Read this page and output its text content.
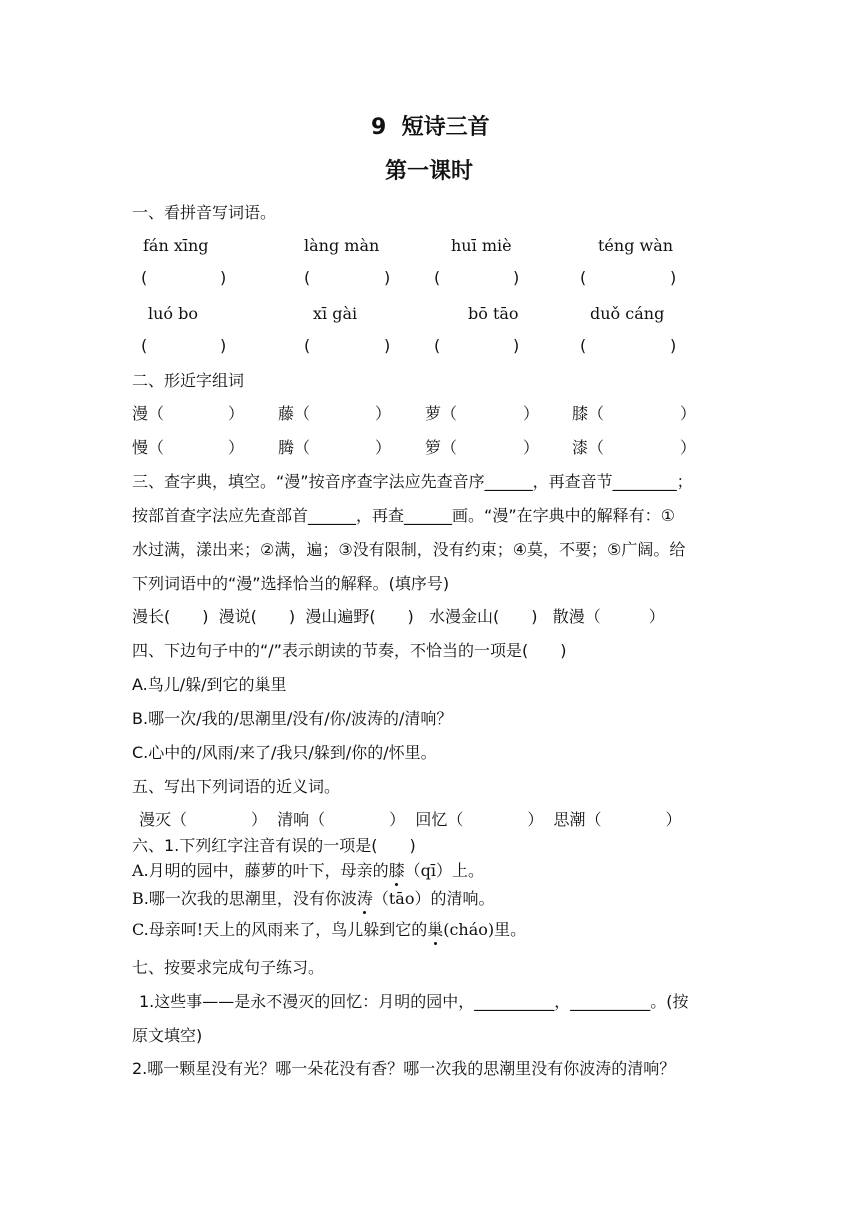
9  短诗三首
第一课时
一、看拼音写词语。
fán xīng	làng màn	huī miè	téng wàn
(	)	(	)	(	)	(	)
luó bo	xī gài	bō tāo	duǒ cáng
(	)	(	)	(	)	(	)
二、形近字组词
漫（	） 藤（	） 萝（	） 膝（	）
慢（	） 腾（	） 箩（	） 漆（	）
三、查字典，填空。“漫”按音序查字法应先查音序______，再查音节________；
按部首查字法应先查部首______，再查______画。“漫”在字典中的解释有：①
水过满，漾出来；②满，遍；③没有限制，没有约束；④莫，不要；⑤广阔。给
下列词语中的“漫”选择恰当的解释。(填序号)
漫长(　　)  漫说(　　)  漫山遍野(　　)   水漫金山(　　)   散漫（　　　）
四、下边句子中的“/”表示朗读的节奏，不恰当的一项是(　　)
A.鸟儿/躲/到它的巢里
B.哪一次/我的/思潮里/没有/你/波涛的/清响？
C.心中的/风雨/来了/我只/躲到/你的/怀里。
五、写出下列词语的近义词。
漫灭（　　　　）  清响（　　　　）  回忆（　　　　）  思潮（　　　　）
六、1.下列红字注音有误的一项是(　　)
A.月明的园中，藤萝的叶下，母亲的膝（qī）上。
B.哪一次我的思潮里，没有你波涛（tāo）的清响。
C.母亲呵!天上的风雨来了，鸟儿躲到它的巢(cháo)里。
七、按要求完成句子练习。
1.这些事——是永不漫灭的回忆：月明的园中，__________，__________。(按
原文填空)
2.哪一颗星没有光？哪一朵花没有香？哪一次我的思潮里没有你波涛的清响？
